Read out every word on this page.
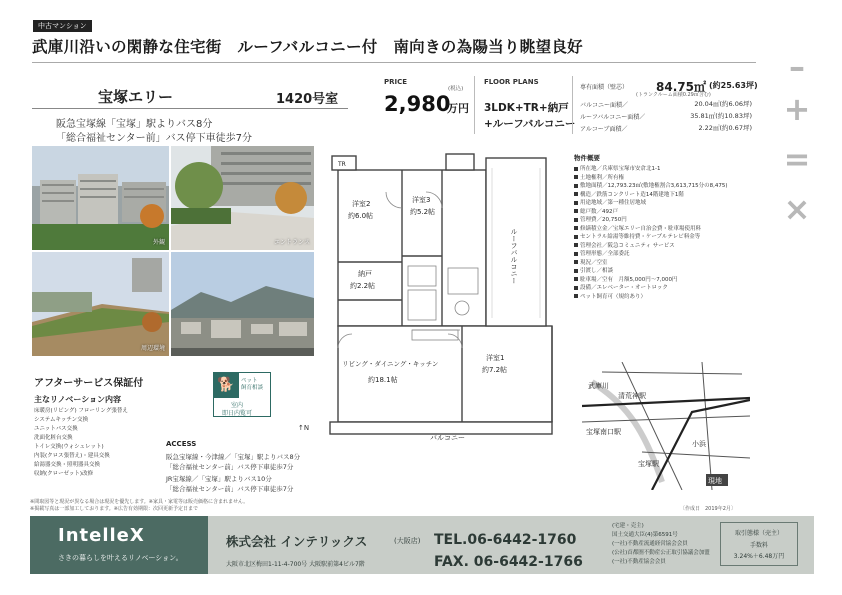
中古マンション
武庫川沿いの閑静な住宅街　ルーフバルコニー付　南向きの為陽当り眺望良好
–
+
=
×
宝塚エリー	1420号室
阪急宝塚線「宝塚」駅よりバス8分
「総合福祉センター前」バス停下車徒歩7分
外観	エントランス
周辺環境
PRICE
(税込)
2,980
万円
FLOOR PLANS
3LDK+TR+納戸
+ルーフバルコニー
専有面積（壁芯） 84.75㎡ (約25.63坪)
(トランクルーム面積0.29㎡含む)
バルコニー面積／	20.04㎡(約6.06坪)
ルーフバルコニー面積／	35.81㎡(約10.83坪)
アルコーブ面積／	2.22㎡(約0.67坪)
洋室2
約6.0帖
洋室3
約5.2帖
納戸
約2.2帖
リビング・ダイニング・キッチン
約18.1帖
洋室1
約7.2帖
ルーフバルコニー
バルコニー
TR
↑N
物件概要
所在地／兵庫県宝塚市安倉北1-1
土地権利／所有権
敷地面積／12,793.23㎡(敷地権割合3,613,715分の8,475)
構造／鉄筋コンクリート造14階建地下1階
用途地域／第一種住居地域
総戸数／492戸
管理費／20,750円
修繕積立金／宝塚エリー自治会費・駐車場使用料
セントラル給湯等維持費・ケーブルテレビ料金等
管理会社／阪急コミュニティ サービス
管理形態／全部委託
現況／空室
引渡し／相談
駐車場／空有　月額5,000円〜7,000円
設備／エレベーター・オートロック
ペット飼育可（規約あり）
武庫川
清荒神駅
宝塚南口駅
宝塚駅
小浜
現地
アフターサービス保証付
主なリノベーション内容
床暖房(リビング) フローリング張替え
システムキッチン交換
ユニットバス交換
洗面化粧台交換
トイレ交換(ウォシュレット)
内装(クロス張替え)・建具交換
給湯器交換・照明器具交換
収納(クローゼット)改修
🐕	ペット
飼育相談
室内
即日内覧可
ACCESS
阪急宝塚線・今津線／「宝塚」駅よりバス8分
「総合福祉センター前」バス停下車徒歩7分
JR宝塚線／「宝塚」駅よりバス10分
「総合福祉センター前」バス停下車徒歩7分
※間取図等と現況が異なる場合は現況を優先します。※家具・家電等は販売価格に含まれません。
※掲載写真は一部加工しております。※広告有効期限：次回更新予定日まで	〔作成日　2019年2月〕
IntelleX
さきの暮らしを叶えるリノベーション。
株式会社 インテリックス	(大阪店)
大阪市北区梅田1-11-4-700号 大阪駅前第4ビル7階
TEL.06-6442-1760
FAX. 06-6442-1766
(宅建・売主)
国土交通大臣(4)第6591号
(一社)不動産流通経営協会会員
(公社)首都圏不動産公正取引協議会加盟
(一社)不動産協会会員
取引態様（売主）
手数料
3.24%＋6.48万円
